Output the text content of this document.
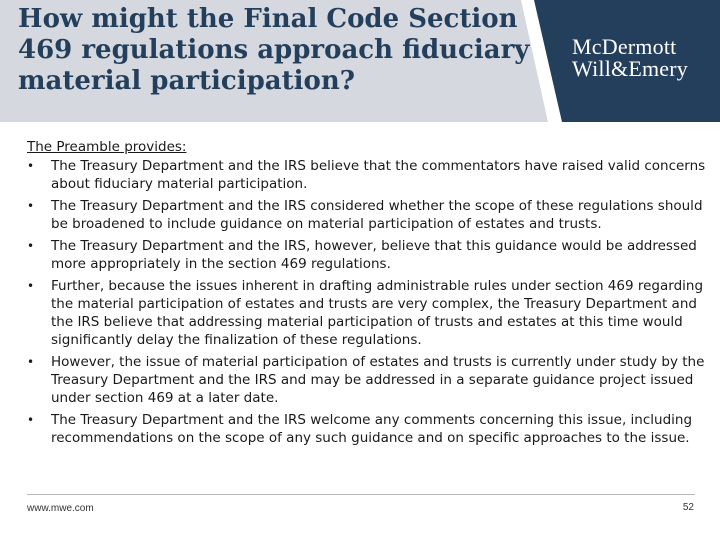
How might the Final Code Section 469 regulations approach fiduciary material participation?
McDermott
Will&Emery
The Preamble provides:
•	The Treasury Department and the IRS believe that the commentators have raised valid concerns about fiduciary material participation.
•	The Treasury Department and the IRS considered whether the scope of these regulations should be broadened to include guidance on material participation of estates and trusts.
•	The Treasury Department and the IRS, however, believe that this guidance would be addressed more appropriately in the section 469 regulations.
•	Further, because the issues inherent in drafting administrable rules under section 469 regarding the material participation of estates and trusts are very complex, the Treasury Department and the IRS believe that addressing material participation of trusts and estates at this time would significantly delay the finalization of these regulations.
•	However, the issue of material participation of estates and trusts is currently under study by the Treasury Department and the IRS and may be addressed in a separate guidance project issued under section 469 at a later date.
•	The Treasury Department and the IRS welcome any comments concerning this issue, including recommendations on the scope of any such guidance and on specific approaches to the issue.
www.mwe.com	52
